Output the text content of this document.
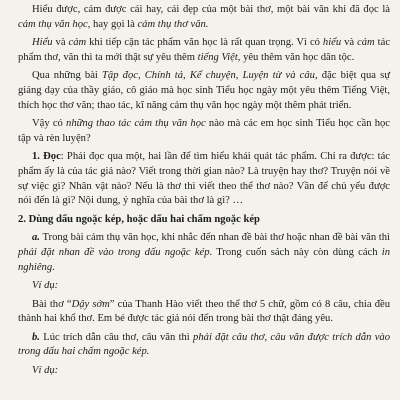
Hiểu được, cảm được cái hay, cái đẹp của một bài thơ, một bài văn khi đã đọc là cảm thụ văn học, hay gọi là cảm thụ thơ văn.

Hiểu và cảm khi tiếp cận tác phẩm văn học là rất quan trọng. Vì có hiểu và cảm tác phẩm thơ, văn thì ta mới thật sự yêu thêm tiếng Việt, yêu thêm văn học dân tộc.

Qua những bài Tập đọc, Chính tả, Kể chuyện, Luyện từ và câu, đặc biệt qua sự giảng dạy của thầy giáo, cô giáo mà học sinh Tiểu học ngày một yêu thêm Tiếng Việt, thích học thơ văn; thao tác, kĩ năng cảm thụ văn học ngày một thêm phát triển.

Vậy có những thao tác cảm thụ văn học nào mà các em học sinh Tiểu học cần học tập và rèn luyện?

1. Đọc: Phải đọc qua một, hai lần để tìm hiểu khái quát tác phẩm. Chỉ ra được: tác phẩm ấy là của tác giả nào? Viết trong thời gian nào? Là truyện hay thơ? Truyện nói về sự việc gì? Nhân vật nào? Nếu là thơ thì viết theo thể thơ nào? Vần để chủ yếu được nói đến là gì? Nội dung, ý nghĩa của bài thơ là gì? …

2. Dùng dấu ngoặc kép, hoặc dấu hai chấm ngoặc kép

a. Trong bài cảm thụ văn học, khi nhắc đến nhan đề bài thơ hoặc nhan đề bài văn thì phải đặt nhan đề vào trong dấu ngoặc kép. Trong cuốn sách này còn dùng cách in nghiêng.

Ví dụ:

Bài thơ “Dậy sớm” của Thanh Hào viết theo thể thơ 5 chữ, gồm có 8 câu, chia đều thành hai khổ thơ. Em bé được tác giả nói đến trong bài thơ thật đáng yêu.

b. Lúc trích dẫn câu thơ, câu văn thì phải đặt câu thơ, câu văn được trích dẫn vào trong dấu hai chấm ngoặc kép.

Ví dụ:
